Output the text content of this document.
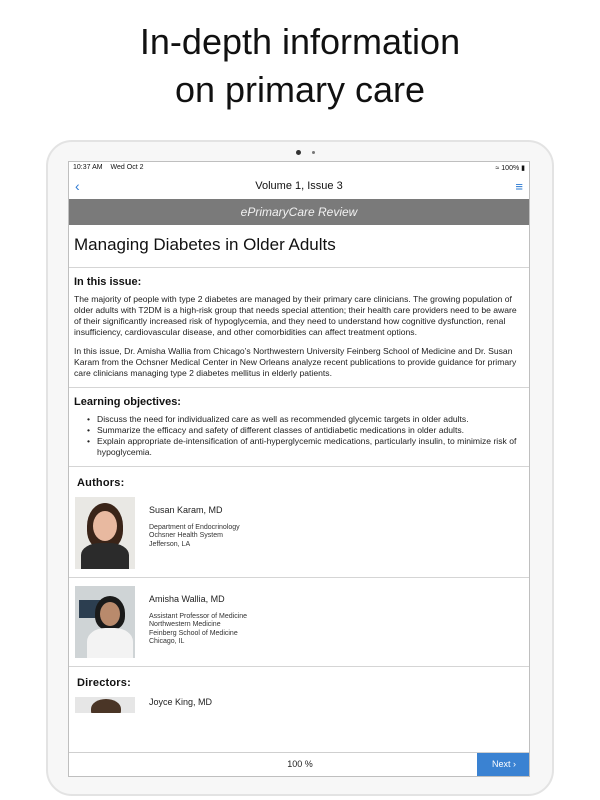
In-depth information
on primary care
10:37 AM Wed Oct 2	≈ 100% ▮
‹	Volume 1, Issue 3	≡
ePrimaryCare Review
Managing Diabetes in Older Adults
In this issue:

The majority of people with type 2 diabetes are managed by their primary care clinicians. The growing population of older adults with T2DM is a high-risk group that needs special attention; their health care providers need to be aware of their significantly increased risk of hypoglycemia, and they need to understand how cognitive dysfunction, renal insufficiency, cardiovascular disease, and other comorbidities can affect treatment options.

In this issue, Dr. Amisha Wallia from Chicago’s Northwestern University Feinberg School of Medicine and Dr. Susan Karam from the Ochsner Medical Center in New Orleans analyze recent publications to provide guidance for primary care clinicians managing type 2 diabetes mellitus in elderly patients.

Learning objectives:
• Discuss the need for individualized care as well as recommended glycemic targets in older adults.
• Summarize the efficacy and safety of different classes of antidiabetic medications in older adults.
• Explain appropriate de-intensification of anti-hyperglycemic medications, particularly insulin, to minimize risk of hypoglycemia.
Authors:
Susan Karam, MD
Department of Endocrinology
Ochsner Health System
Jefferson, LA
Amisha Wallia, MD
Assistant Professor of Medicine
Northwestern Medicine
Feinberg School of Medicine
Chicago, IL
Directors:
Joyce King, MD
100 %	Next ›
